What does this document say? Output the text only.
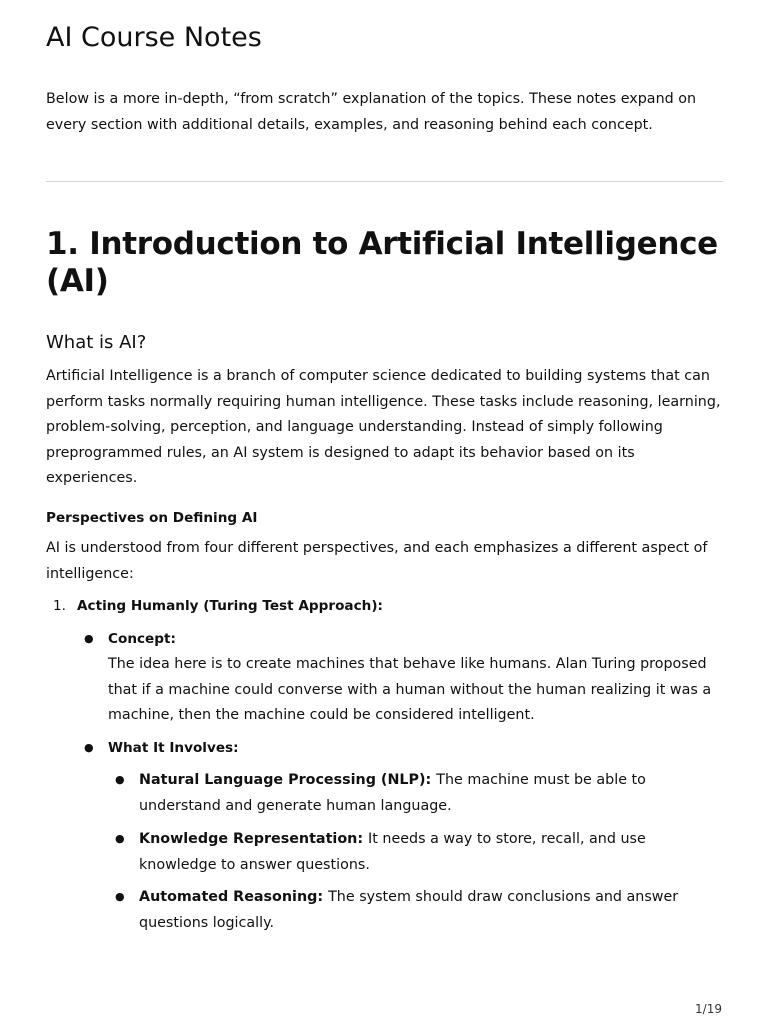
AI Course Notes

Below is a more in-depth, “from scratch” explanation of the topics. These notes expand on every section with additional details, examples, and reasoning behind each concept.

1. Introduction to Artificial Intelligence (AI)
What is AI?

Artificial Intelligence is a branch of computer science dedicated to building systems that can perform tasks normally requiring human intelligence. These tasks include reasoning, learning, problem-solving, perception, and language understanding. Instead of simply following preprogrammed rules, an AI system is designed to adapt its behavior based on its experiences.

Perspectives on Defining AI

AI is understood from four different perspectives, and each emphasizes a different aspect of intelligence:

1. Acting Humanly (Turing Test Approach):
● Concept:
The idea here is to create machines that behave like humans. Alan Turing proposed that if a machine could converse with a human without the human realizing it was a machine, then the machine could be considered intelligent.
● What It Involves:
● Natural Language Processing (NLP): The machine must be able to understand and generate human language.
● Knowledge Representation: It needs a way to store, recall, and use knowledge to answer questions.
● Automated Reasoning: The system should draw conclusions and answer questions logically.
1/19
